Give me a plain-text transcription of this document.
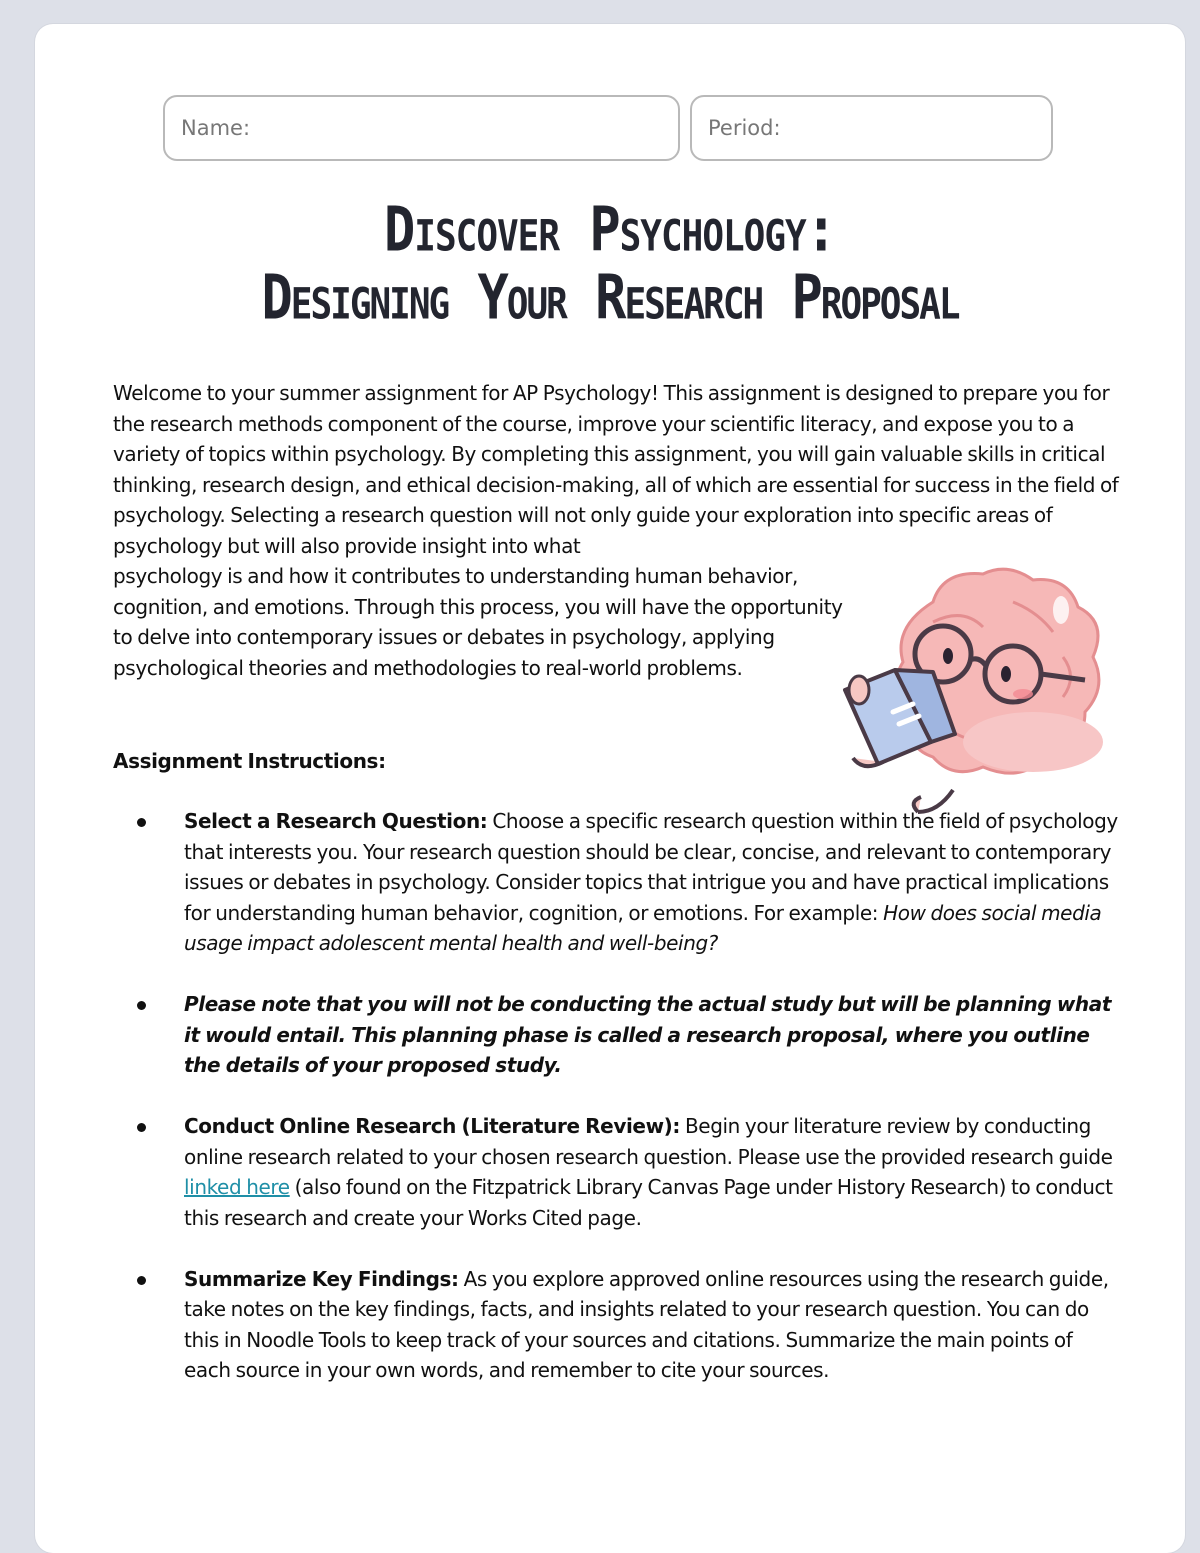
Name:	Period:
Discover Psychology:
Designing Your Research Proposal

Welcome to your summer assignment for AP Psychology! This assignment is designed to prepare you for the research methods component of the course, improve your scientific literacy, and expose you to a variety of topics within psychology. By completing this assignment, you will gain valuable skills in critical thinking, research design, and ethical decision-making, all of which are essential for success in the field of psychology. Selecting a research question will not only guide your exploration into specific areas of psychology but will also provide insight into what
psychology is and how it contributes to understanding human behavior, cognition, and emotions. Through this process, you will have the opportunity to delve into contemporary issues or debates in psychology, applying psychological theories and methodologies to real-world problems.

Assignment Instructions:

Select a Research Question: Choose a specific research question within the field of psychology that interests you. Your research question should be clear, concise, and relevant to contemporary issues or debates in psychology. Consider topics that intrigue you and have practical implications for understanding human behavior, cognition, or emotions. For example: How does social media usage impact adolescent mental health and well-being?
Please note that you will not be conducting the actual study but will be planning what it would entail. This planning phase is called a research proposal, where you outline the details of your proposed study.
Conduct Online Research (Literature Review): Begin your literature review by conducting online research related to your chosen research question. Please use the provided research guide linked here (also found on the Fitzpatrick Library Canvas Page under History Research) to conduct this research and create your Works Cited page.
Summarize Key Findings: As you explore approved online resources using the research guide, take notes on the key findings, facts, and insights related to your research question. You can do this in Noodle Tools to keep track of your sources and citations. Summarize the main points of each source in your own words, and remember to cite your sources.
